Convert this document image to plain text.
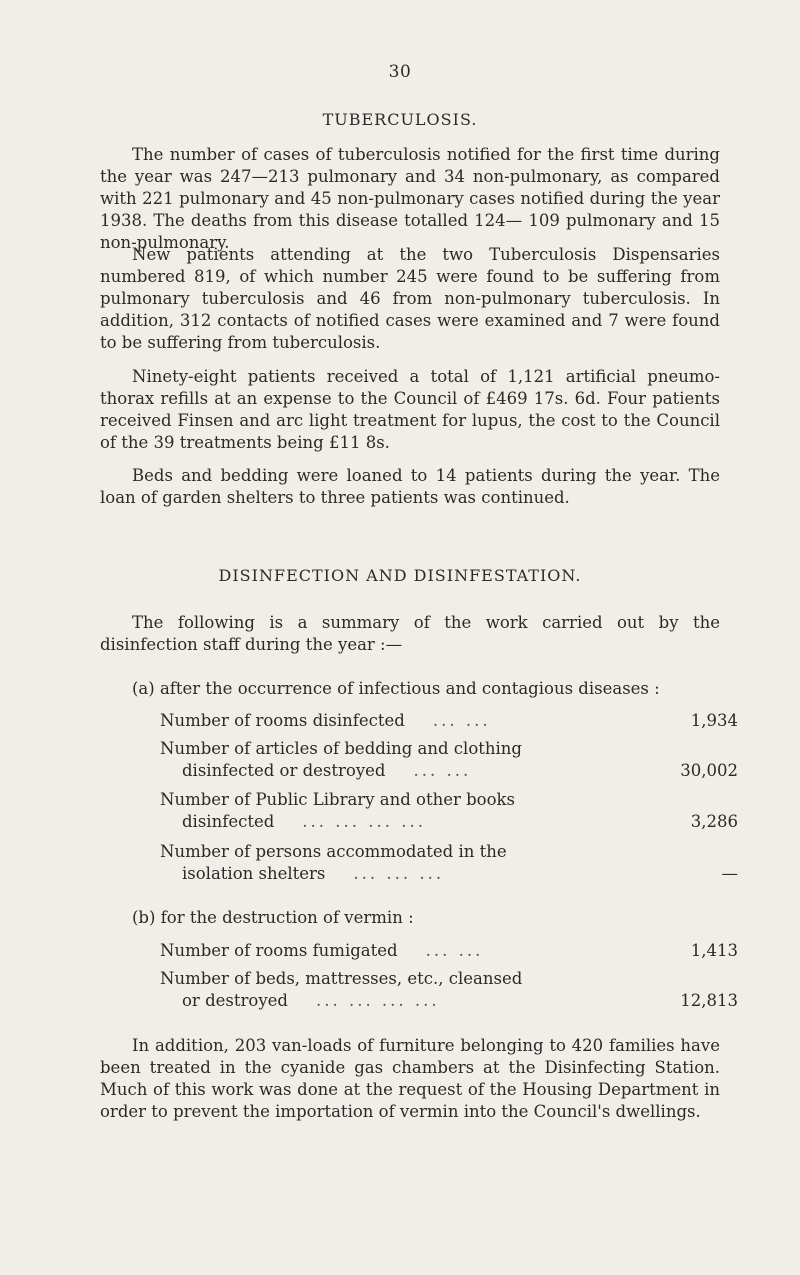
30
TUBERCULOSIS.

The number of cases of tuberculosis notified for the first time during the year was 247—213 pulmonary and 34 non-pulmonary, as compared with 221 pulmonary and 45 non-pulmonary cases notified during the year 1938. The deaths from this disease totalled 124— 109 pulmonary and 15 non-pulmonary.

New patients attending at the two Tuberculosis Dispensaries numbered 819, of which number 245 were found to be suffering from pulmonary tuberculosis and 46 from non-pulmonary tuberculosis. In addition, 312 contacts of notified cases were examined and 7 were found to be suffering from tuberculosis.

Ninety-eight patients received a total of 1,121 artificial pneumo-thorax refills at an expense to the Council of £469 17s. 6d. Four patients received Finsen and arc light treatment for lupus, the cost to the Council of the 39 treatments being £11 8s.

Beds and bedding were loaned to 14 patients during the year. The loan of garden shelters to three patients was continued.

DISINFECTION AND DISINFESTATION.

The following is a summary of the work carried out by the disinfection staff during the year :—

(a) after the occurrence of infectious and contagious diseases :

Number of rooms disinfected ... ...	1,934
Number of articles of bedding and clothing
disinfected or destroyed ... ...	30,002
Number of Public Library and other books
disinfected ... ... ... ...	3,286
Number of persons accommodated in the
isolation shelters ... ... ...	—

(b) for the destruction of vermin :

Number of rooms fumigated ... ...	1,413
Number of beds, mattresses, etc., cleansed
or destroyed ... ... ... ...	12,813

In addition, 203 van-loads of furniture belonging to 420 families have been treated in the cyanide gas chambers at the Disinfecting Station. Much of this work was done at the request of the Housing Department in order to prevent the importation of vermin into the Council's dwellings.
